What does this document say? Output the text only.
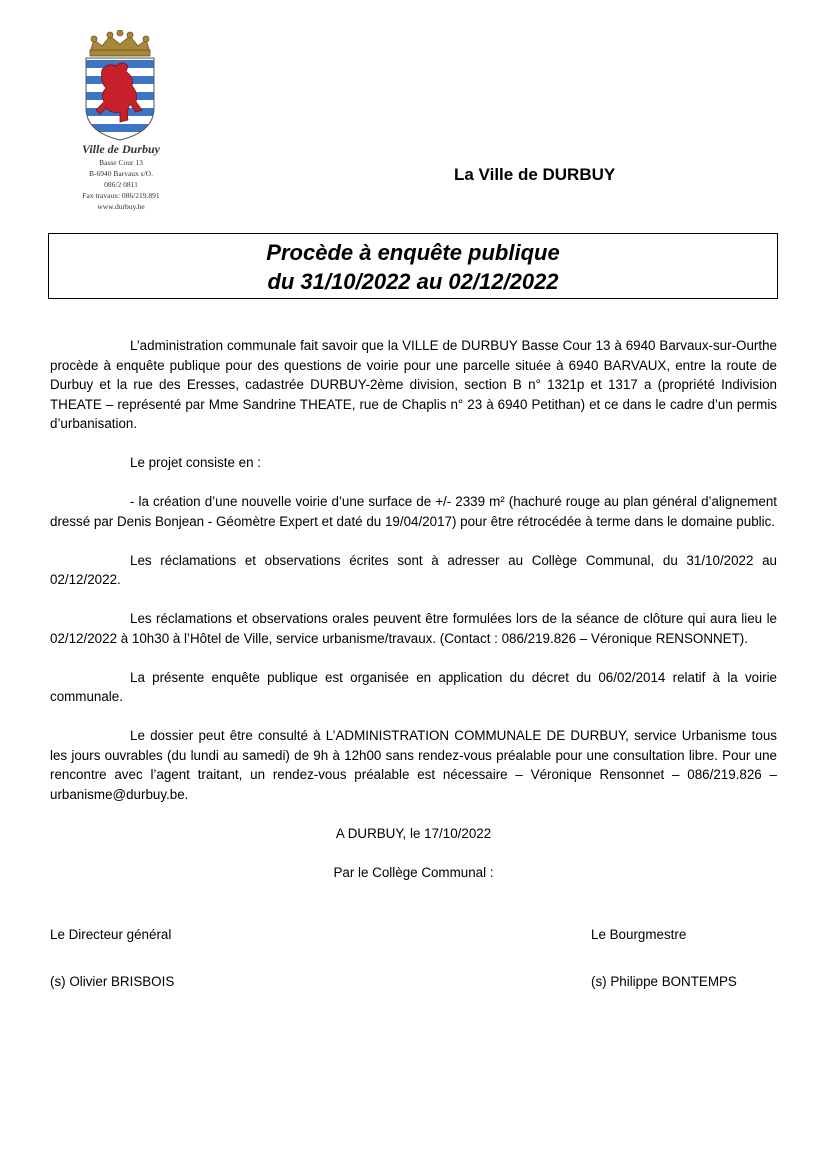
Ville de Durbuy
Basse Cour 13
B-6940 Barvaux s/O.
086/2 0811
Fax travaux: 086/219.891
www.durbuy.be
La Ville de DURBUY
Procède à enquête publique
du 31/10/2022 au 02/12/2022

L’administration communale fait savoir que la VILLE de DURBUY Basse Cour 13 à 6940 Barvaux-sur-Ourthe procède à enquête publique pour des questions de voirie pour une parcelle située à 6940 BARVAUX, entre la route de Durbuy et la rue des Eresses, cadastrée DURBUY-2ème division, section B n° 1321p et 1317 a (propriété Indivision THEATE – représenté par Mme Sandrine THEATE, rue de Chaplis n° 23 à 6940 Petithan) et ce dans le cadre d’un permis d’urbanisation.

Le projet consiste en :

- la création d’une nouvelle voirie d’une surface de +/- 2339 m² (hachuré rouge au plan général d’alignement dressé par Denis Bonjean - Géomètre Expert et daté du 19/04/2017) pour être rétrocédée à terme dans le domaine public.

Les réclamations et observations écrites sont à adresser au Collège Communal, du 31/10/2022 au 02/12/2022.

Les réclamations et observations orales peuvent être formulées lors de la séance de clôture qui aura lieu le 02/12/2022 à 10h30 à l’Hôtel de Ville, service urbanisme/travaux. (Contact : 086/219.826 – Véronique RENSONNET).

La présente enquête publique est organisée en application du décret du 06/02/2014 relatif à la voirie communale.

Le dossier peut être consulté à L’ADMINISTRATION COMMUNALE DE DURBUY, service Urbanisme tous les jours ouvrables (du lundi au samedi) de 9h à 12h00 sans rendez-vous préalable pour une consultation libre. Pour une rencontre avec l’agent traitant, un rendez-vous préalable est nécessaire – Véronique Rensonnet – 086/219.826 – urbanisme@durbuy.be.

A DURBUY, le 17/10/2022

Par le Collège Communal :

Le Directeur général
(s) Olivier BRISBOIS
Le Bourgmestre
(s) Philippe BONTEMPS
